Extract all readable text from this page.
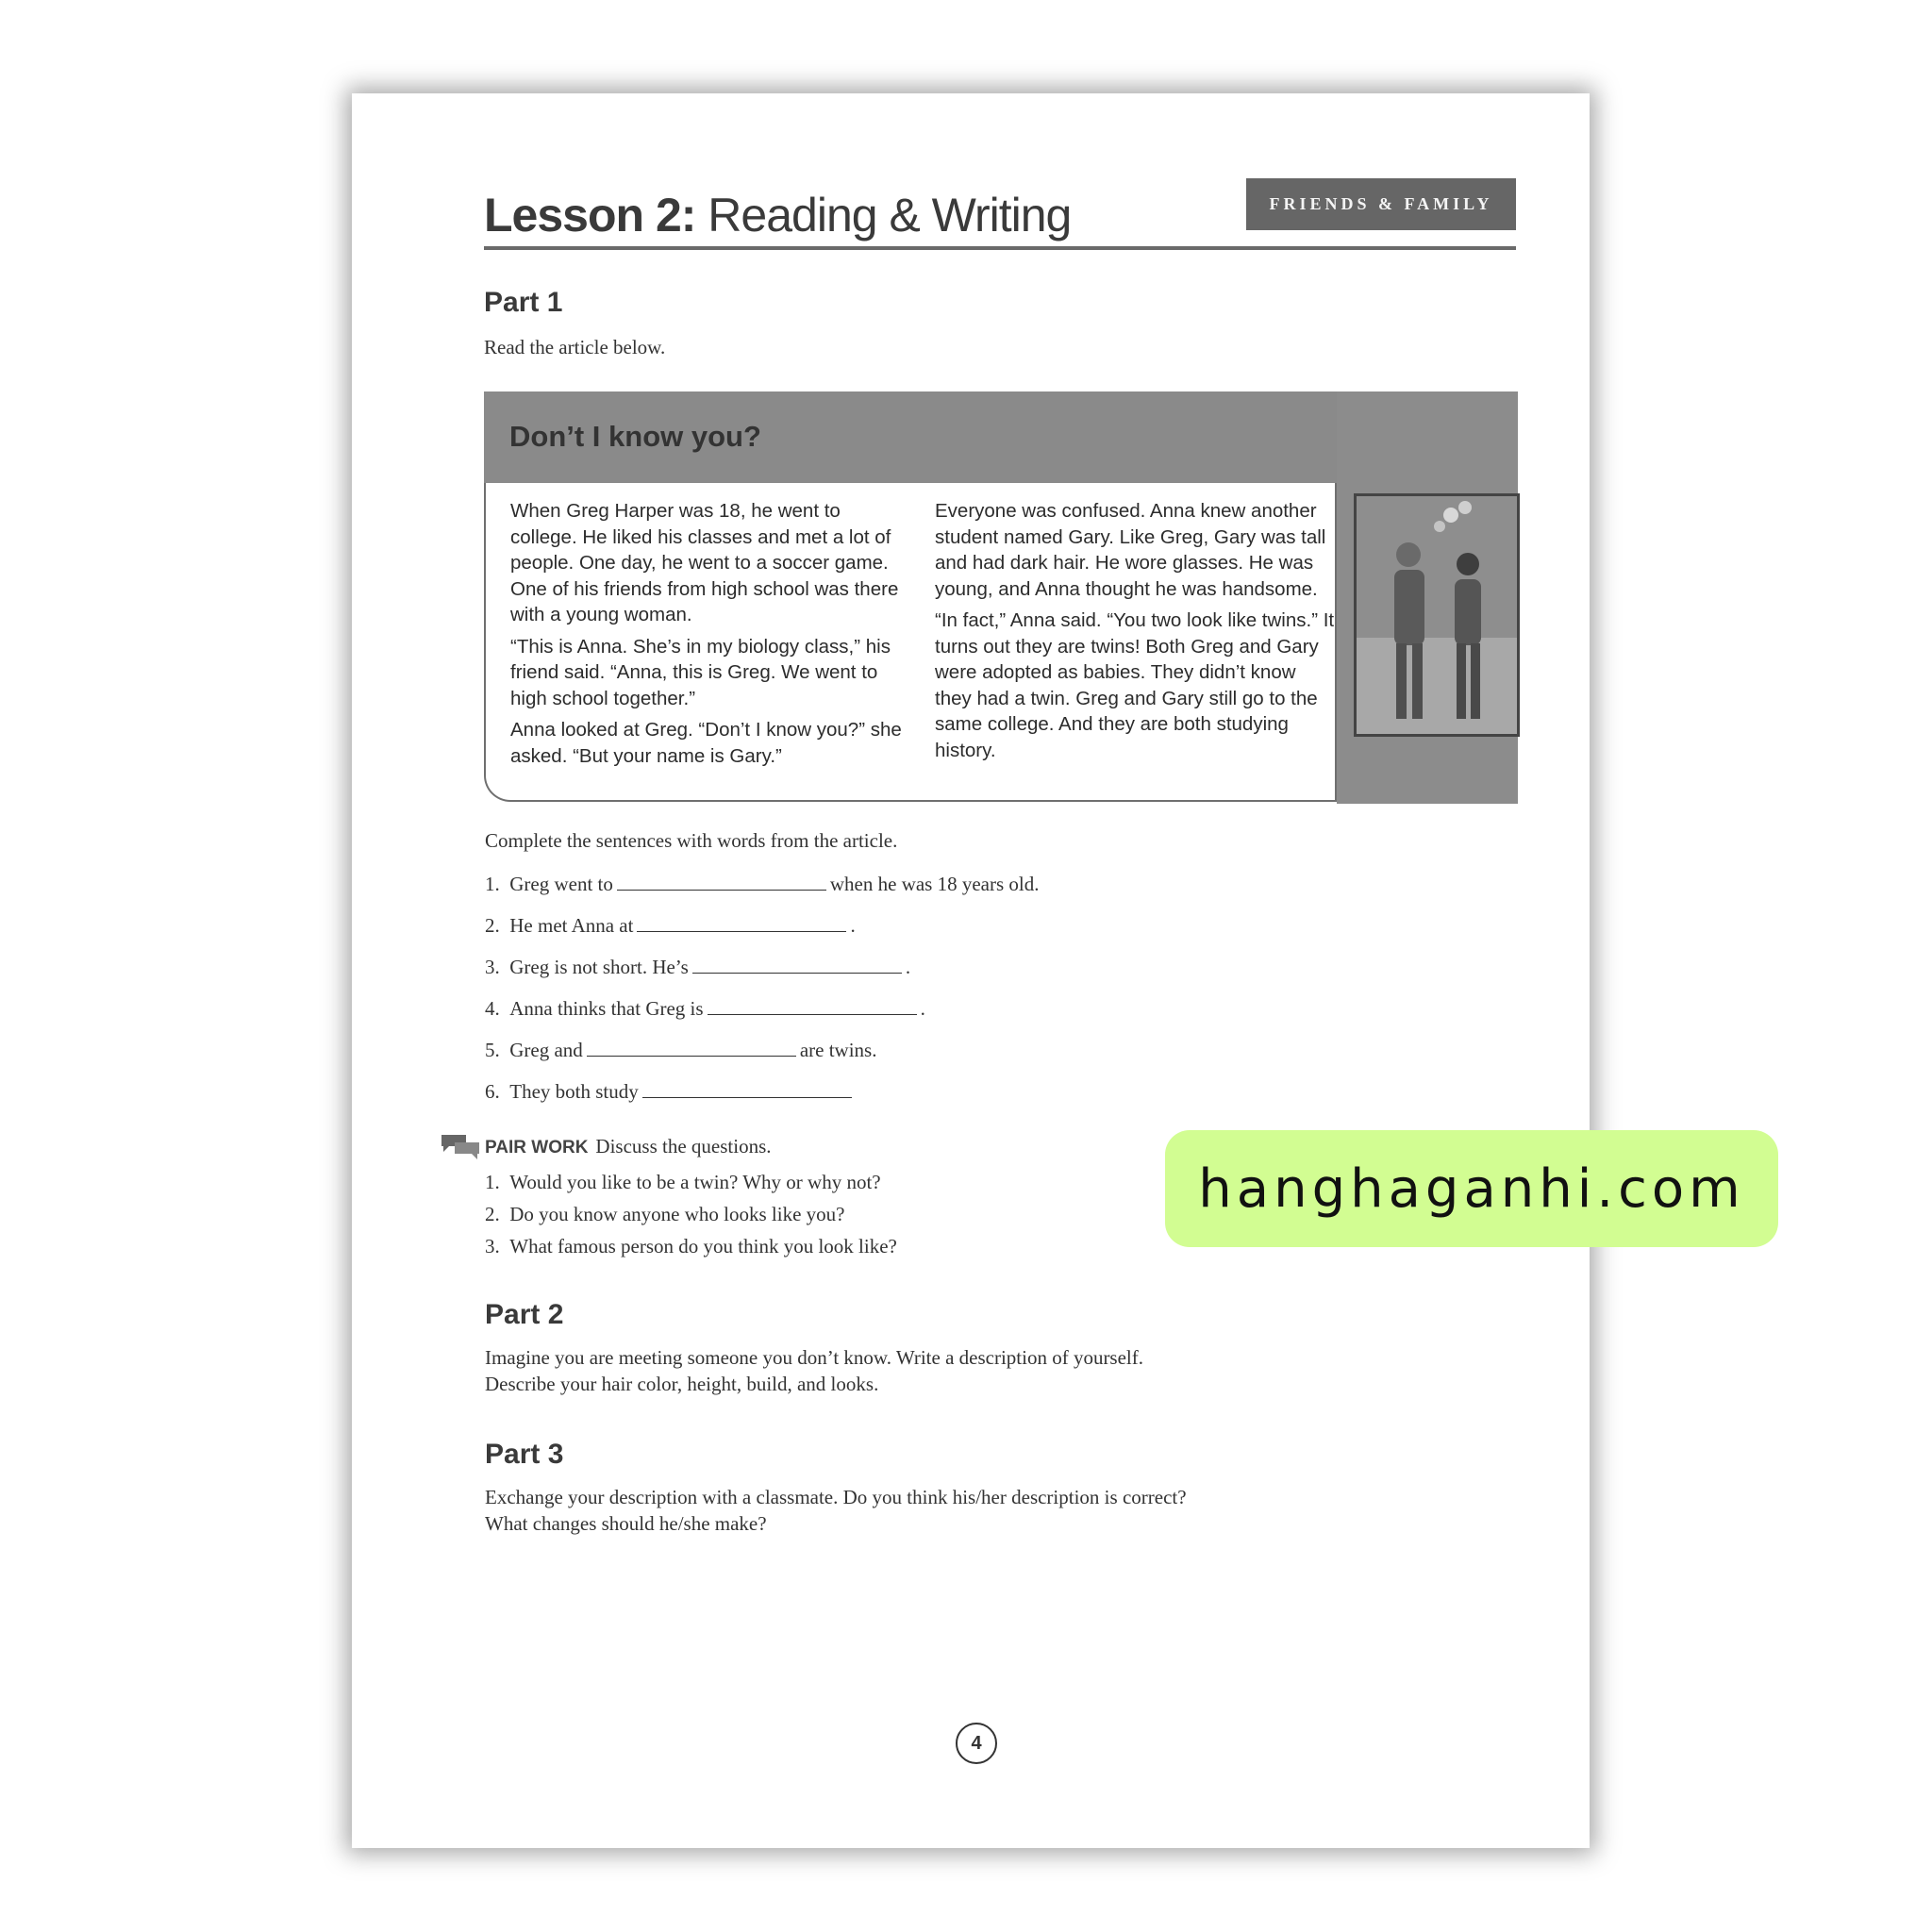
Lesson 2: Reading & Writing	FRIENDS & FAMILY
Part 1
Read the article below.
Don’t I know you?

When Greg Harper was 18, he went to college. He liked his classes and met a lot of people. One day, he went to a soccer game. One of his friends from high school was there with a young woman.

“This is Anna. She’s in my biology class,” his friend said. “Anna, this is Greg. We went to high school together.”

Anna looked at Greg. “Don’t I know you?” she asked. “But your name is Gary.”

Everyone was confused. Anna knew another student named Gary. Like Greg, Gary was tall and had dark hair. He wore glasses. He was young, and Anna thought he was handsome.

“In fact,” Anna said. “You two look like twins.” It turns out they are twins! Both Greg and Gary were adopted as babies. They didn’t know they had a twin. Greg and Gary still go to the same college. And they are both studying history.

Complete the sentences with words from the article.
1. Greg went to	when he was 18 years old.
2. He met Anna at	.
3. Greg is not short. He’s	.
4. Anna thinks that Greg is	.
5. Greg and	are twins.
6. They both study
PAIR WORK Discuss the questions.
1. Would you like to be a twin? Why or why not?
2. Do you know anyone who looks like you?
3. What famous person do you think you look like?
Part 2
Imagine you are meeting someone you don’t know. Write a description of yourself.
Describe your hair color, height, build, and looks.
Part 3
Exchange your description with a classmate. Do you think his/her description is correct?
What changes should he/she make?
hanghaganhi.com
4
